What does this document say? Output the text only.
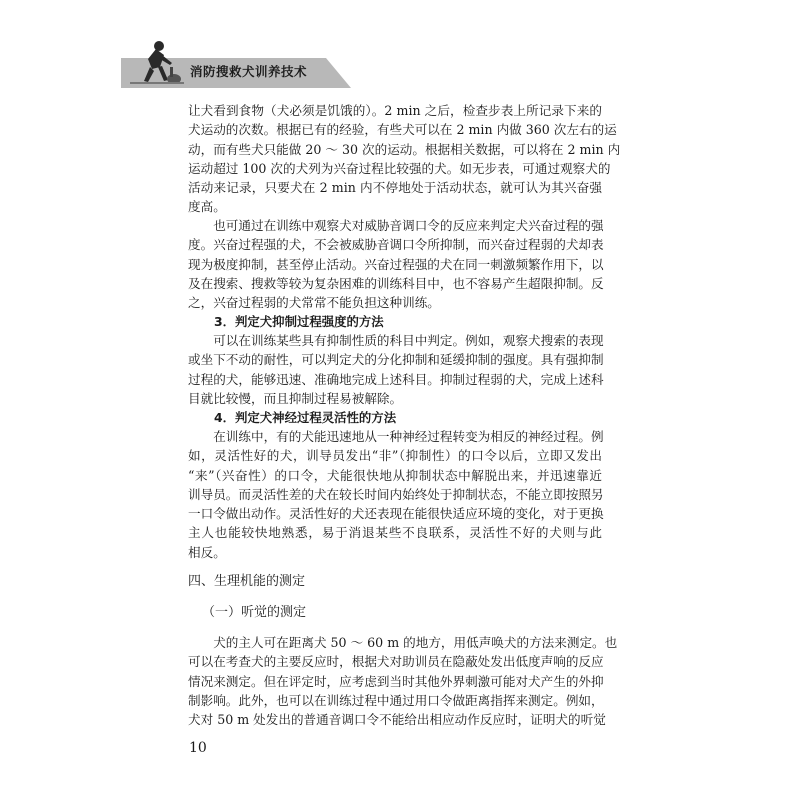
消防搜救犬训养技术

让犬看到食物（犬必须是饥饿的）。2 min 之后，检查步表上所记录下来的
犬运动的次数。根据已有的经验，有些犬可以在 2 min 内做 360 次左右的运
动，而有些犬只能做 20 ～ 30 次的运动。根据相关数据，可以将在 2 min 内
运动超过 100 次的犬列为兴奋过程比较强的犬。如无步表，可通过观察犬的
活动来记录，只要犬在 2 min 内不停地处于活动状态，就可认为其兴奋强
度高。

　　也可通过在训练中观察犬对威胁音调口令的反应来判定犬兴奋过程的强
度。兴奋过程强的犬，不会被威胁音调口令所抑制，而兴奋过程弱的犬却表
现为极度抑制，甚至停止活动。兴奋过程强的犬在同一刺激频繁作用下，以
及在搜索、搜救等较为复杂困难的训练科目中，也不容易产生超限抑制。反
之，兴奋过程弱的犬常常不能负担这种训练。

3．判定犬抑制过程强度的方法

　　可以在训练某些具有抑制性质的科目中判定。例如，观察犬搜索的表现
或坐下不动的耐性，可以判定犬的分化抑制和延缓抑制的强度。具有强抑制
过程的犬，能够迅速、准确地完成上述科目。抑制过程弱的犬，完成上述科
目就比较慢，而且抑制过程易被解除。

4．判定犬神经过程灵活性的方法

　　在训练中，有的犬能迅速地从一种神经过程转变为相反的神经过程。例
如，灵活性好的犬，训导员发出“非”（抑制性）的口令以后，立即又发出
“来”（兴奋性）的口令，犬能很快地从抑制状态中解脱出来，并迅速靠近
训导员。而灵活性差的犬在较长时间内始终处于抑制状态，不能立即按照另
一口令做出动作。灵活性好的犬还表现在能很快适应环境的变化，对于更换
主人也能较快地熟悉，易于消退某些不良联系，灵活性不好的犬则与此
相反。

四、生理机能的测定

（一）听觉的测定

　　犬的主人可在距离犬 50 ～ 60 m 的地方，用低声唤犬的方法来测定。也
可以在考查犬的主要反应时，根据犬对助训员在隐蔽处发出低度声响的反应
情况来测定。但在评定时，应考虑到当时其他外界刺激可能对犬产生的外抑
制影响。此外，也可以在训练过程中通过用口令做距离指挥来测定。例如，
犬对 50 m 处发出的普通音调口令不能给出相应动作反应时，证明犬的听觉

10
